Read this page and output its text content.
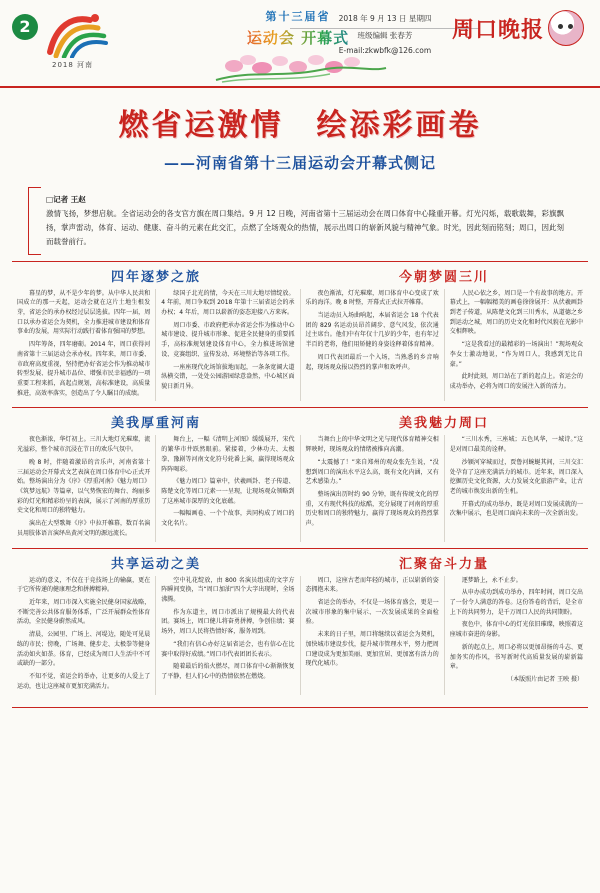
2
2018 河南
第十三届省
运动会 开幕式
2018 年 9 月 13 日 星期四
班级编辑 张春芳
E-mail:zkwbfk@126.com
周口晚报
燃省运激情　绘添彩画卷
——河南省第十三届运动会开幕式侧记
□记者 王赵
激情飞扬，梦想启航。全省运动会的各支官方旗在周口集结。9 月 12 日晚，河南省第十三届运动会在周口体育中心隆重开幕。灯光闪烁，载歌载舞，彩旗飘扬，掌声雷动，体育、运动、健康、奋斗的元素在此交汇，点燃了全场观众的热情，展示出周口的崭新风貌与精神气象。时光，因此刻而铭刻；周口，因此刻而载誉前行。
四年逐梦之旅	今朝梦圆三川

幕星的梦，从不是少年的梦。从中华人民共和国成立的那一天起，运动会就在这片土地生根发芽，省运会的承办权经过层层选拔。四年一届，周口以承办省运会为契机，全力推进城市建设和体育事业的发展，用实际行动践行着体育强国的梦想。

四年筹备，四年磨砺。2014 年，周口获得河南省第十三届运动会承办权。四年来，周口市委、市政府高度重视，坚持把办好省运会作为推动城市转型发展、提升城市品位、增强市民幸福感的一项重要工程来抓，高起点规划，高标准建设，高质量推进，高效率落实，创造出了令人瞩目的成绩。

绿国子北光的情，今天在三川大地尽情绽放。4 年前，周口争取到 2018 年第十三届省运会的承办权；4 年后，周口以崭新的姿态迎接八方来客。

周口市委、市政府把承办省运会作为推动中心城市建设、提升城市形象、促进全民健身的重要抓手，高标准规划建设体育中心，全力推进场馆建设、竞赛组织、宣传发动、环境整治等各项工作。

一座座现代化场馆拔地而起，一条条宽阔大道纵横交错，一处处公园游园绿意盎然，中心城区面貌日新月异。

夜色渐浓，灯光璀璨，周口体育中心变成了欢乐的海洋。晚 8 时整，开幕式正式拉开帷幕。

当运动员入场曲响起，本届省运会 18 个代表团的 829 名运动员昂首阔步、意气风发，依次通过主席台。他们中有年仅十几岁的少年，也有年过半百的老将，他们用矫健的身姿诠释着体育精神。

周口代表团最后一个入场，当熟悉的乡音响起，现场观众报以热烈的掌声和欢呼声。

人民心依之乡，周口是一个有故事的地方。开幕式上，一幅幅精美的画卷徐徐展开：从伏羲画卦到老子传道，从陈楚文化到三川秀水，从道德之乡到运动之城，周口的历史文化和时代风貌在光影中交相辉映。

“这是我看过的最精彩的一场演出！”现场观众李女士激动地说，“作为周口人，我感到无比自豪。”

此时此刻，周口站在了新的起点上。省运会的成功举办，必将为周口的发展注入新的活力。

美我厚重河南	美我魅力周口

夜色渐浓，华灯初上。三川大地灯光璀璨，流光溢彩，整个城市沉浸在节日的欢乐气氛中。

晚 8 时，伴随着激昂的音乐声，河南省第十三届运动会开幕式文艺表演在周口体育中心正式开始。整场演出分为《序》《厚重河南》《魅力周口》《筑梦远航》等篇章，以气势恢宏的舞台、绚丽多彩的灯光和精彩纷呈的表演，展示了河南的厚重历史文化和周口的独特魅力。

演出在大型歌舞《序》中拉开帷幕，数百名演员用肢体语言演绎出黄河文明的源远流长。

舞台上，一幅《清明上河图》缓缓展开，宋代的繁华市井跃然眼前。紧接着，少林功夫、太极拳、豫剧等河南文化符号轮番上演，赢得现场观众阵阵喝彩。

《魅力周口》篇章中，伏羲画卦、老子传道、陈楚文化等周口元素一一呈现，让现场观众领略到了这座城市深厚的文化底蕴。

一幅幅画卷、一个个故事，共同构成了周口的文化名片。

当舞台上的中华文明之光与现代体育精神交相辉映时，现场观众的情绪被推向高潮。

“太震撼了！”来自郑州的观众张先生说，“没想到周口的演出水平这么高，既有文化内涵，又有艺术感染力。”

整场演出历时约 90 分钟，既有传统文化的厚重，又有现代科技的炫酷，充分展现了河南的厚重历史和周口的独特魅力，赢得了现场观众的热烈掌声。

“三川水秀，三座城；五色风华，一城诗。”这是对周口最美的诠释。

沙颍河穿城而过，贾鲁河蜿蜒其间，三川交汇处孕育了这座充满活力的城市。近年来，周口深入挖掘历史文化资源，大力发展文化旅游产业，让古老的城市焕发出新的生机。

开幕式的成功举办，既是对周口发展成就的一次集中展示，也是周口面向未来的一次全新出发。

共享运动之美	汇聚奋斗力量

运动的意义，不仅在于竞技场上的输赢，更在于它所传递的健康理念和拼搏精神。

近年来，周口市深入实施全民健身国家战略，不断完善公共体育服务体系，广泛开展群众性体育活动，全民健身蔚然成风。

清晨，公园里、广场上、河堤边，随处可见晨练的市民；傍晚，广场舞、健步走、太极拳等健身活动如火如荼。体育，已经成为周口人生活中不可或缺的一部分。

不知不觉，省运会的举办，让更多的人爱上了运动，也让这座城市更加充满活力。

空中礼花绽放，由 800 名演员组成的文字方阵瞬间变换，当“周口加油”四个大字出现时，全场沸腾。

作为东道主，周口市派出了规模最大的代表团。赛场上，周口健儿将奋勇拼搏，争创佳绩；赛场外，周口人民将热情好客，服务周到。

“我们有信心办好这届省运会，也有信心在比赛中取得好成绩。”周口市代表团团长表示。

随着最后的焰火燃尽，周口体育中心渐渐恢复了平静，但人们心中的热情依然在燃烧。

周口，这座古老而年轻的城市，正以崭新的姿态拥抱未来。

省运会的举办，不仅是一场体育盛会，更是一次城市形象的集中展示、一次发展成果的全面检验。

未来的日子里，周口将继续以省运会为契机，加快城市建设步伐，提升城市管理水平，努力把周口建设成为更加美丽、更加宜居、更加富有活力的现代化城市。

逐梦路上，永不止步。

从申办成功到成功举办，四年时间，周口交出了一份令人满意的答卷。这份答卷的背后，是全市上下的共同努力，是千万周口人民的共同期盼。

夜色中，体育中心的灯光依旧璀璨，映照着这座城市奋进的身影。

新的起点上，周口必将以更加昂扬的斗志、更加务实的作风，书写新时代高质量发展的崭新篇章。

（本版照片由记者 王映 摄）
